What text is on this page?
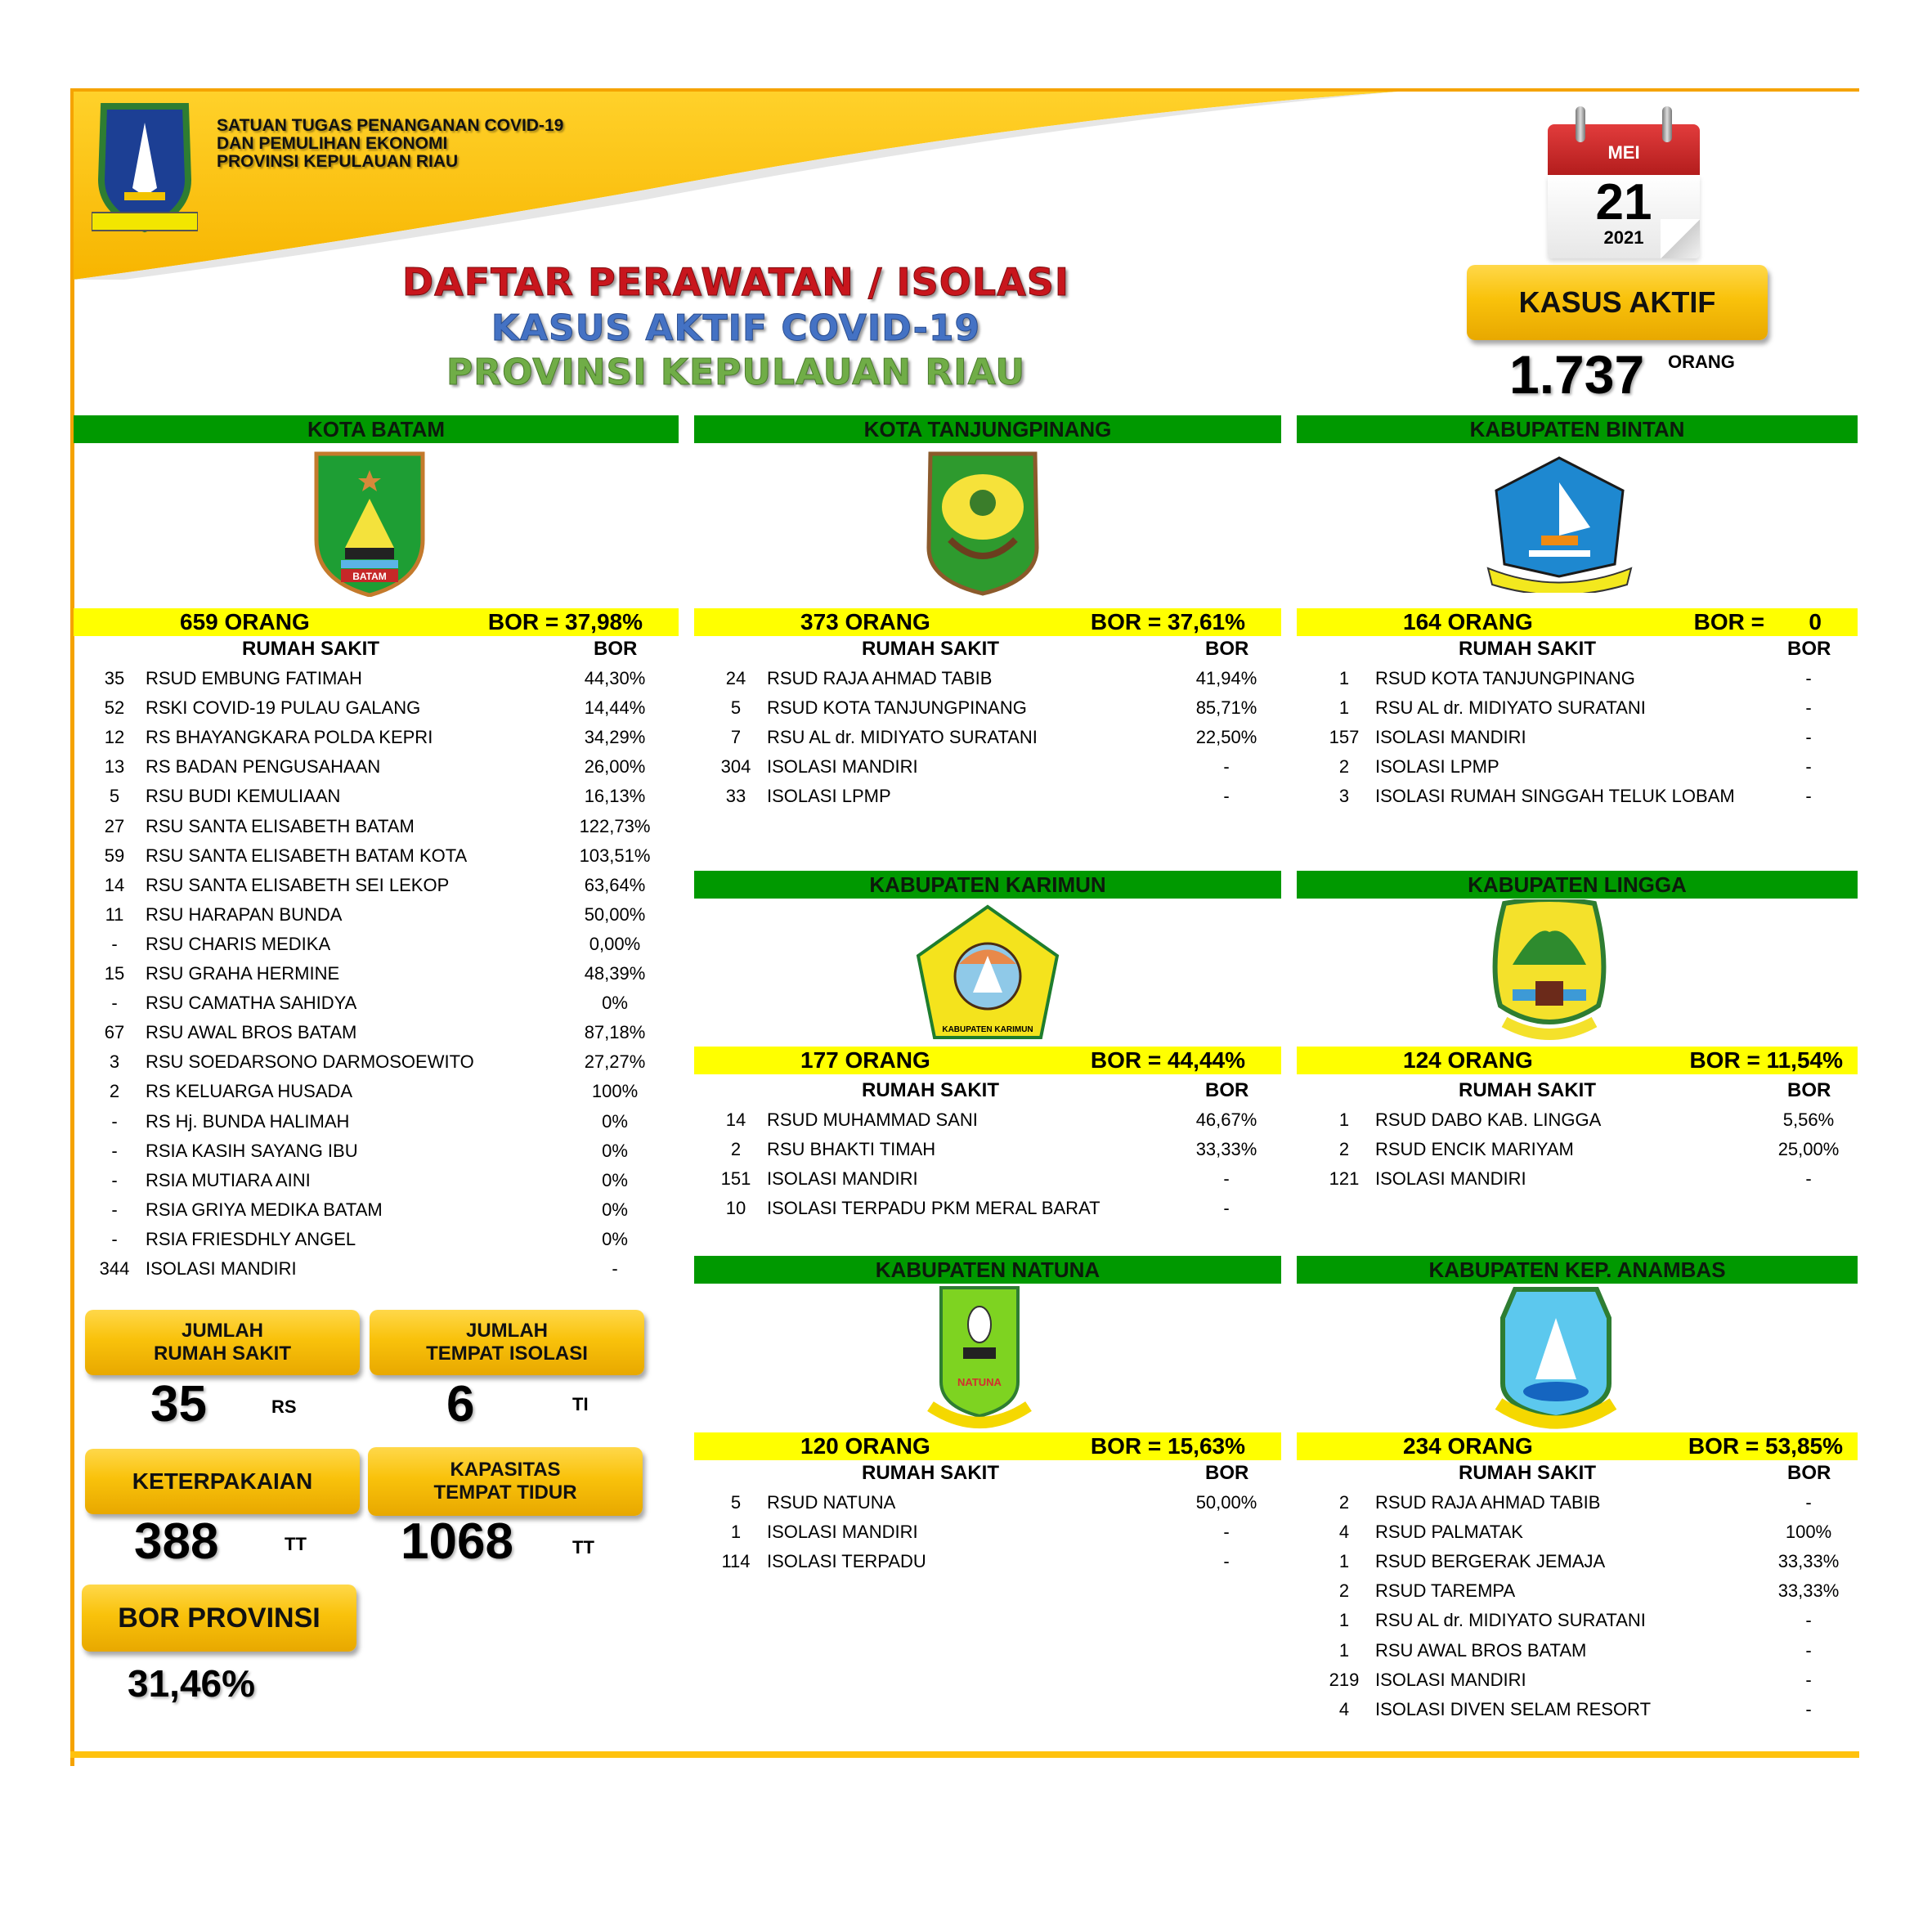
SATUAN TUGAS PENANGANAN COVID-19
DAN PEMULIHAN EKONOMI
PROVINSI KEPULAUAN RIAU
DAFTAR PERAWATAN / ISOLASI
KASUS AKTIF COVID-19
PROVINSI KEPULAUAN RIAU
MEI
21
2021
KASUS AKTIF
1.737 ORANG
KOTA BATAM
BATAM
659 ORANG	BOR = 37,98%
RUMAH SAKIT	BOR
35	RSUD EMBUNG FATIMAH	44,30%
52	RSKI COVID-19 PULAU GALANG	14,44%
12	RS BHAYANGKARA POLDA KEPRI	34,29%
13	RS BADAN PENGUSAHAAN	26,00%
5	RSU BUDI KEMULIAAN	16,13%
27	RSU SANTA ELISABETH BATAM	122,73%
59	RSU SANTA ELISABETH BATAM KOTA	103,51%
14	RSU SANTA ELISABETH SEI LEKOP	63,64%
11	RSU HARAPAN BUNDA	50,00%
-	RSU CHARIS MEDIKA	0,00%
15	RSU GRAHA HERMINE	48,39%
-	RSU CAMATHA SAHIDYA	0%
67	RSU AWAL BROS BATAM	87,18%
3	RSU SOEDARSONO DARMOSOEWITO	27,27%
2	RS KELUARGA HUSADA	100%
-	RS Hj. BUNDA HALIMAH	0%
-	RSIA KASIH SAYANG IBU	0%
-	RSIA MUTIARA AINI	0%
-	RSIA GRIYA MEDIKA BATAM	0%
-	RSIA FRIESDHLY ANGEL	0%
344 ISOLASI MANDIRI	-
KOTA TANJUNGPINANG
373 ORANG	BOR = 37,61%
RUMAH SAKIT	BOR
24	RSUD RAJA AHMAD TABIB	41,94%
5	RSUD KOTA TANJUNGPINANG	85,71%
7	RSU AL dr. MIDIYATO SURATANI	22,50%
304 ISOLASI MANDIRI	-
33	ISOLASI LPMP	-
KABUPATEN BINTAN
164 ORANG	BOR =       0
RUMAH SAKIT	BOR
1	RSUD KOTA TANJUNGPINANG	-
1	RSU AL dr. MIDIYATO SURATANI	-
157 ISOLASI MANDIRI	-
2	ISOLASI LPMP	-
3	ISOLASI RUMAH SINGGAH TELUK LOBAM	-
KABUPATEN KARIMUN
KABUPATEN KARIMUN
177 ORANG	BOR = 44,44%
RUMAH SAKIT	BOR
14	RSUD MUHAMMAD SANI	46,67%
2	RSU BHAKTI TIMAH	33,33%
151 ISOLASI MANDIRI	-
10	ISOLASI TERPADU PKM MERAL BARAT	-
KABUPATEN LINGGA
124 ORANG	BOR = 11,54%
RUMAH SAKIT	BOR
1	RSUD DABO KAB. LINGGA	5,56%
2	RSUD ENCIK MARIYAM	25,00%
121 ISOLASI MANDIRI	-
KABUPATEN NATUNA
NATUNA
120 ORANG	BOR = 15,63%
RUMAH SAKIT	BOR
5	RSUD NATUNA	50,00%
1	ISOLASI MANDIRI	-
114 ISOLASI TERPADU	-
KABUPATEN KEP. ANAMBAS
234 ORANG	BOR = 53,85%
RUMAH SAKIT	BOR
2	RSUD RAJA AHMAD TABIB	-
4	RSUD PALMATAK	100%
1	RSUD BERGERAK JEMAJA	33,33%
2	RSUD TAREMPA	33,33%
1	RSU AL dr. MIDIYATO SURATANI	-
1	RSU AWAL BROS BATAM	-
219 ISOLASI MANDIRI	-
4	ISOLASI DIVEN SELAM RESORT	-
JUMLAH
RUMAH SAKIT
35	RS
JUMLAH
TEMPAT ISOLASI
6	TI
KETERPAKAIAN
388	TT
KAPASITAS
TEMPAT TIDUR
1068	TT
BOR PROVINSI
31,46%
